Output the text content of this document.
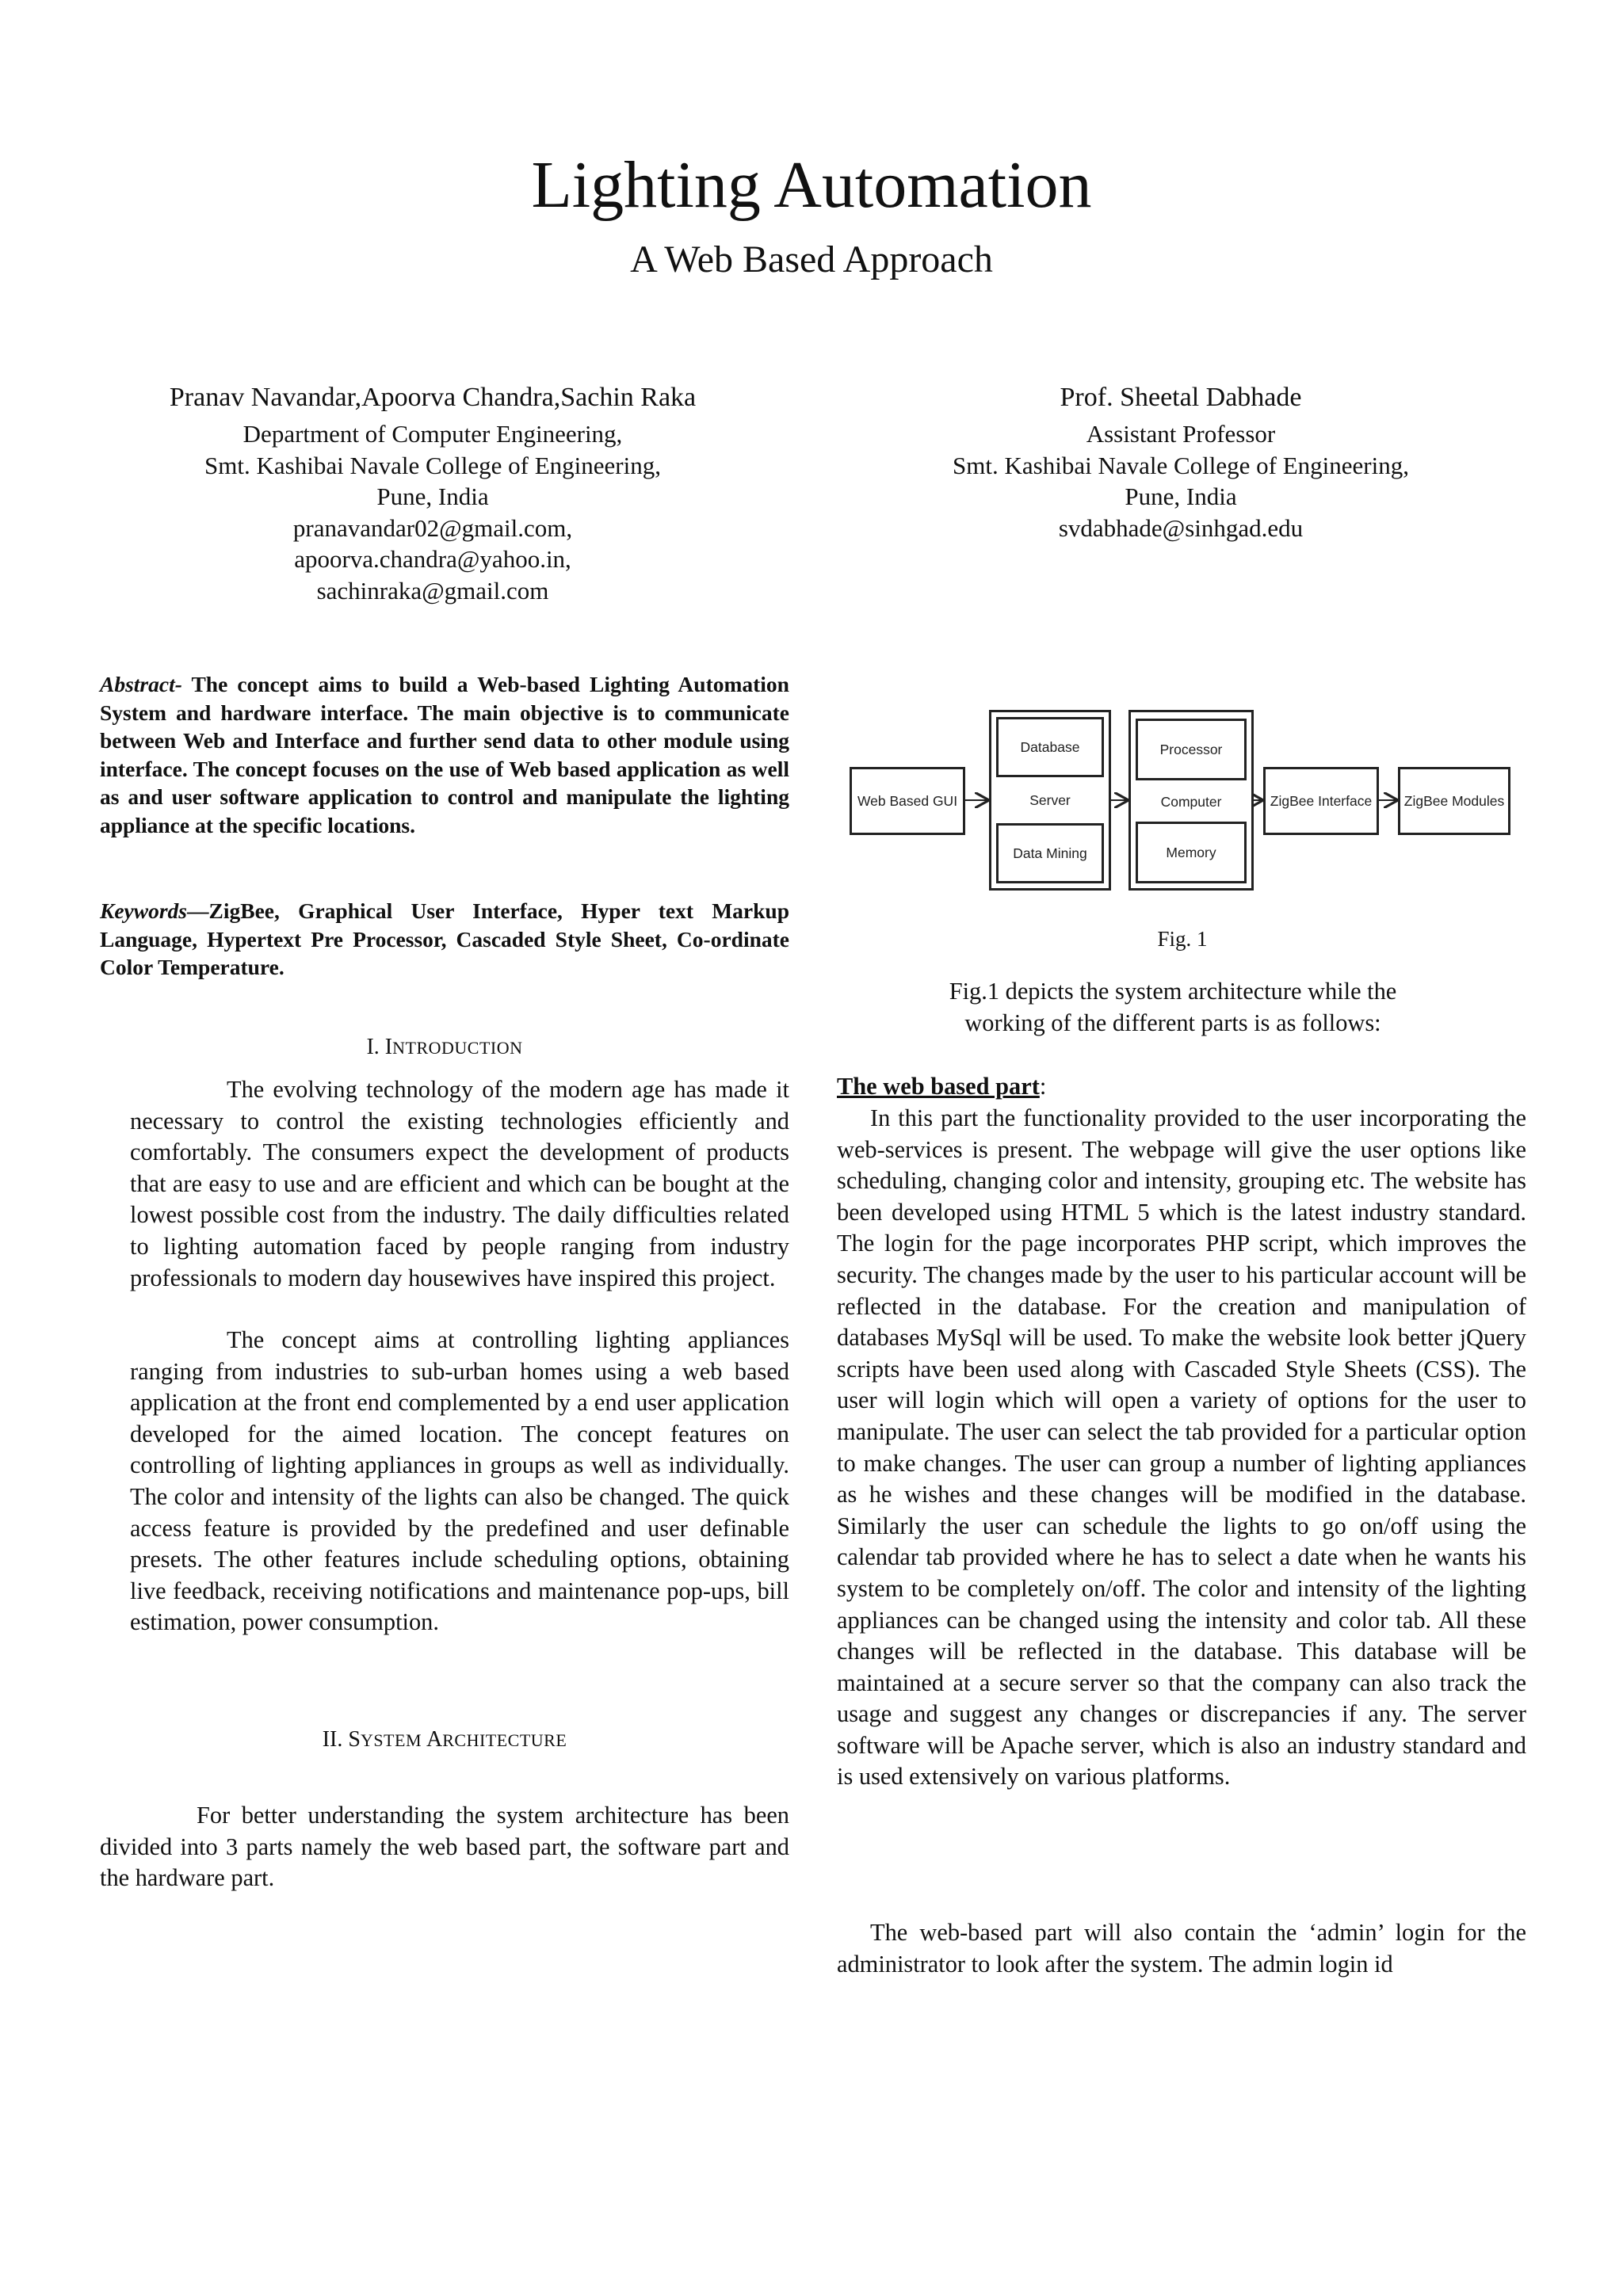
Lighting Automation
A Web Based Approach
Pranav Navandar,Apoorva Chandra,Sachin Raka
Department of Computer Engineering,
Smt. Kashibai Navale College of Engineering,
Pune, India
pranavandar02@gmail.com,
apoorva.chandra@yahoo.in,
sachinraka@gmail.com
Prof. Sheetal Dabhade
Assistant Professor
Smt. Kashibai Navale College of Engineering,
Pune, India
svdabhade@sinhgad.edu
Abstract- The concept aims to build a Web-based Lighting Automation System and hardware interface. The main objective is to communicate between Web and Interface and further send data to other module using interface. The concept focuses on the use of Web based application as well as and user software application to control and manipulate the lighting appliance at the specific locations.
Keywords—ZigBee, Graphical User Interface, Hyper text Markup Language, Hypertext Pre Processor, Cascaded Style Sheet, Co-ordinate Color Temperature.
I. INTRODUCTION
The evolving technology of the modern age has made it necessary to control the existing technologies efficiently and comfortably. The consumers expect the development of products that are easy to use and are efficient and which can be bought at the lowest possible cost from the industry. The daily difficulties related to lighting automation faced by people ranging from industry professionals to modern day housewives have inspired this project.
The concept aims at controlling lighting appliances ranging from industries to sub-urban homes using a web based application at the front end complemented by a end user application developed for the aimed location. The concept features on controlling of lighting appliances in groups as well as individually. The color and intensity of the lights can also be changed. The quick access feature is provided by the predefined and user definable presets. The other features include scheduling options, obtaining live feedback, receiving notifications and maintenance pop-ups, bill estimation, power consumption.
II. SYSTEM ARCHITECTURE
For better understanding the system architecture has been divided into 3 parts namely the web based part, the software part and the hardware part.
Web Based GUI
Database
Server
Data Mining
Processor
Computer
Memory
ZigBee Interface	ZigBee Modules
Fig. 1
Fig.1 depicts the system architecture while the working of the different parts is as follows:
The web based part:
In this part the functionality provided to the user incorporating the web-services is present. The webpage will give the user options like scheduling, changing color and intensity, grouping etc. The website has been developed using HTML 5 which is the latest industry standard. The login for the page incorporates PHP script, which improves the security. The changes made by the user to his particular account will be reflected in the database. For the creation and manipulation of databases MySql will be used. To make the website look better jQuery scripts have been used along with Cascaded Style Sheets (CSS). The user will login which will open a variety of options for the user to manipulate. The user can select the tab provided for a particular option to make changes. The user can group a number of lighting appliances as he wishes and these changes will be modified in the database. Similarly the user can schedule the lights to go on/off using the calendar tab provided where he has to select a date when he wants his system to be completely on/off. The color and intensity of the lighting appliances can be changed using the intensity and color tab. All these changes will be reflected in the database. This database will be maintained at a secure server so that the company can also track the usage and suggest any changes or discrepancies if any. The server software will be Apache server, which is also an industry standard and is used extensively on various platforms.
The web-based part will also contain the ‘admin’ login for the administrator to look after the system. The admin login id
